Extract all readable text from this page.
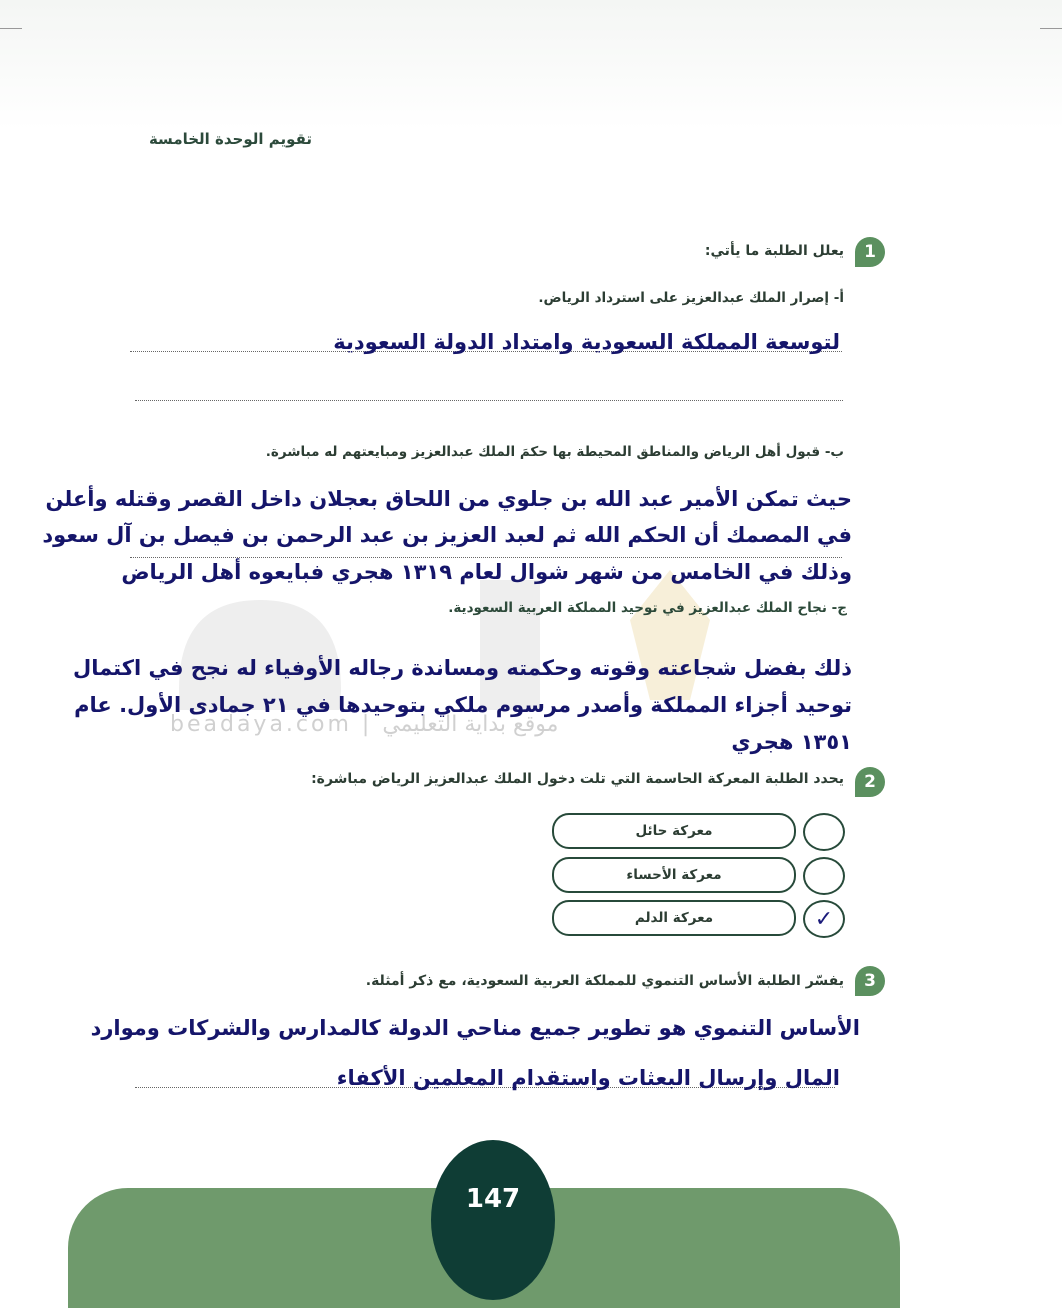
تقويم الوحدة الخامسة
beadaya.com | موقع بداية التعليمي
1
يعلل الطلبة ما يأتي:
أ- إصرار الملك عبدالعزيز على استرداد الرياض.
لتوسعة المملكة السعودية وامتداد الدولة السعودية
ب- قبول أهل الرياض والمناطق المحيطة بها حكمَ الملك عبدالعزيز ومبايعتهم له مباشرة.
حيث تمكن الأمير عبد الله بن جلوي من اللحاق بعجلان داخل القصر وقتله وأعلن
في المصمك أن الحكم الله ثم لعبد العزيز بن عبد الرحمن بن فيصل بن آل سعود
وذلك في الخامس من شهر شوال لعام ١٣١٩ هجري فبايعوه أهل الرياض
ج- نجاح الملك عبدالعزيز في توحيد المملكة العربية السعودية.
ذلك بفضل شجاعته وقوته وحكمته ومساندة رجاله الأوفياء له نجح في اكتمال
توحيد أجزاء المملكة وأصدر مرسوم ملكي بتوحيدها في ٢١ جمادى الأول. عام
١٣٥١ هجري
2
يحدد الطلبة المعركة الحاسمة التي تلت دخول الملك عبدالعزيز الرياض مباشرة:
معركة حائل
معركة الأحساء
معركة الدلم	✓
3
يفسّر الطلبة الأساس التنموي للمملكة العربية السعودية، مع ذكر أمثلة.
الأساس التنموي هو تطوير جميع مناحي الدولة كالمدارس والشركات وموارد
المال وإرسال البعثات واستقدام المعلمين الأكفاء
147
